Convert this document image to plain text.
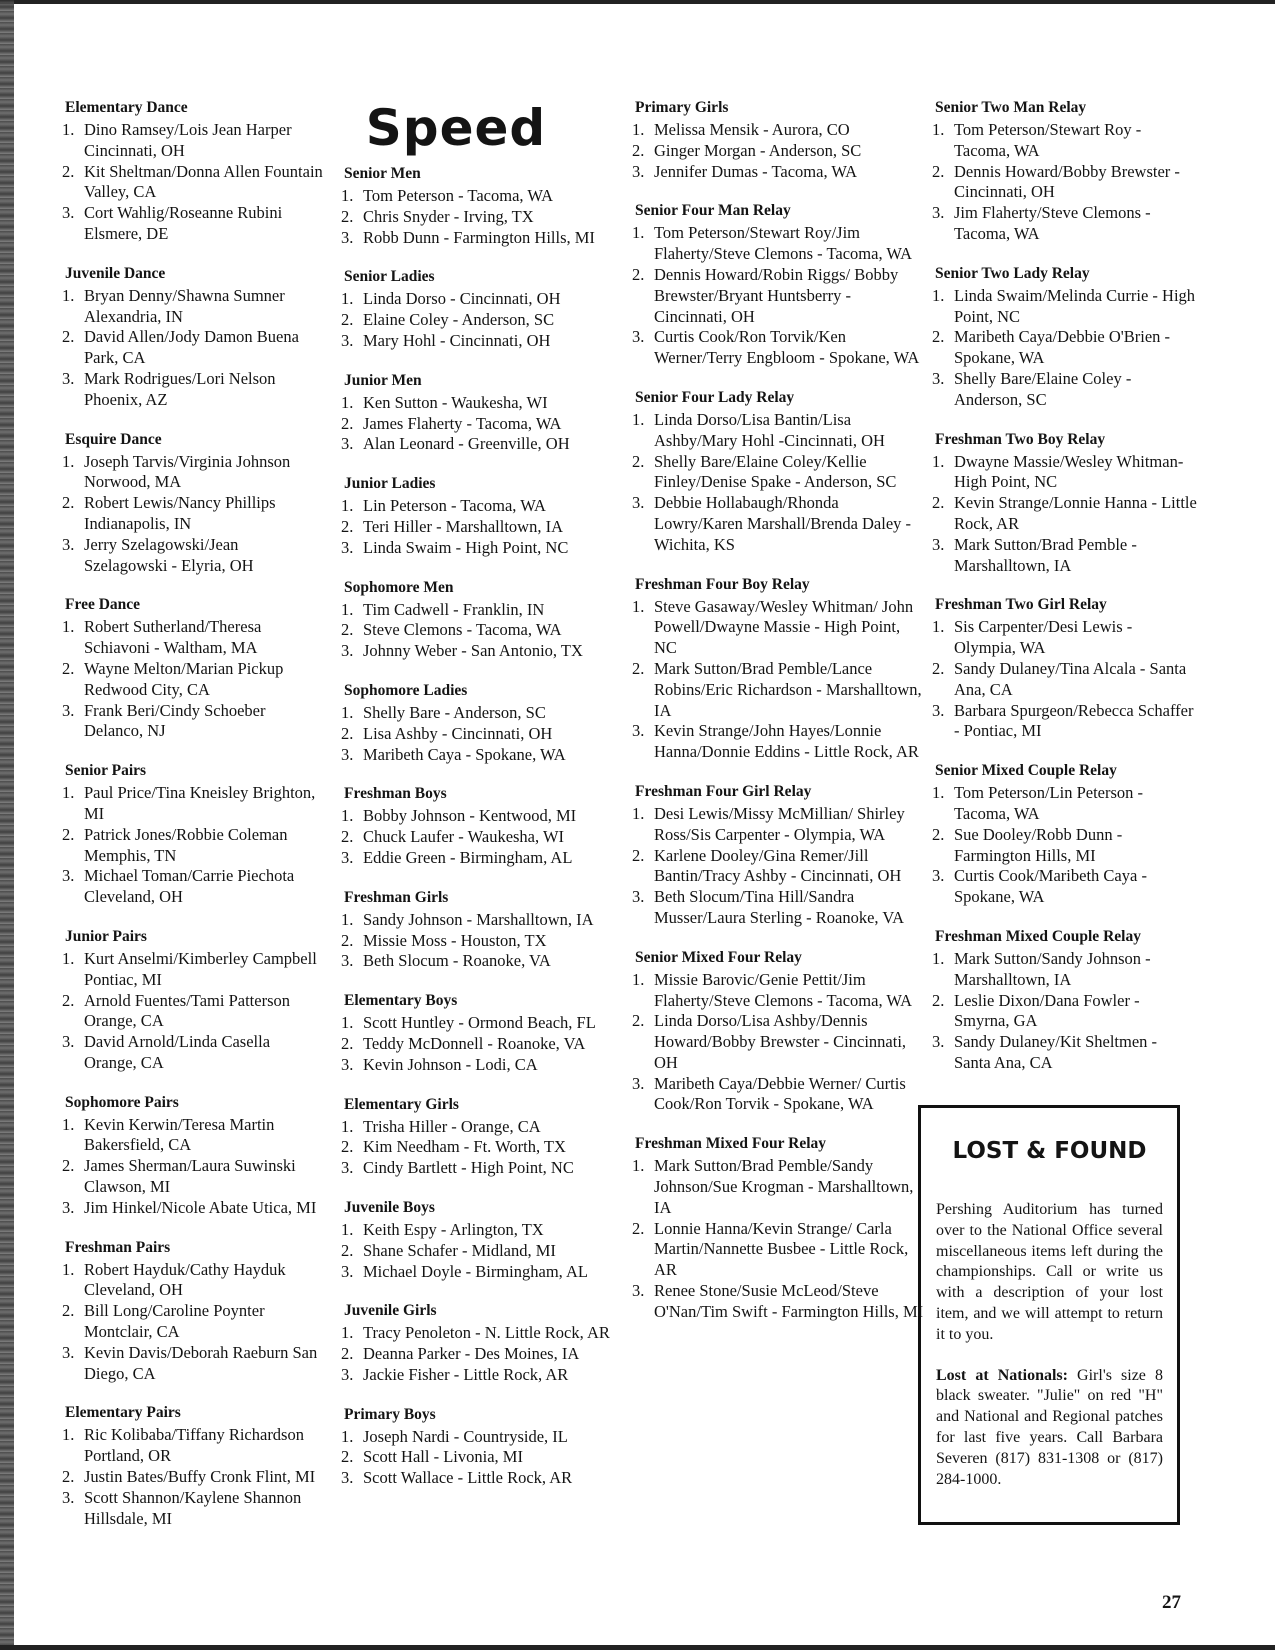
Elementary Dance
1. Dino Ramsey/Lois Jean Harper Cincinnati, OH
2. Kit Sheltman/Donna Allen Fountain Valley, CA
3. Cort Wahlig/Roseanne Rubini Elsmere, DE
Juvenile Dance
1. Bryan Denny/Shawna Sumner Alexandria, IN
2. David Allen/Jody Damon Buena Park, CA
3. Mark Rodrigues/Lori Nelson Phoenix, AZ
Esquire Dance
1. Joseph Tarvis/Virginia Johnson Norwood, MA
2. Robert Lewis/Nancy Phillips Indianapolis, IN
3. Jerry Szelagowski/Jean Szelagowski - Elyria, OH
Free Dance
1. Robert Sutherland/Theresa Schiavoni - Waltham, MA
2. Wayne Melton/Marian Pickup Redwood City, CA
3. Frank Beri/Cindy Schoeber Delanco, NJ
Senior Pairs
1. Paul Price/Tina Kneisley Brighton, MI
2. Patrick Jones/Robbie Coleman Memphis, TN
3. Michael Toman/Carrie Piechota Cleveland, OH
Junior Pairs
1. Kurt Anselmi/Kimberley Campbell Pontiac, MI
2. Arnold Fuentes/Tami Patterson Orange, CA
3. David Arnold/Linda Casella Orange, CA
Sophomore Pairs
1. Kevin Kerwin/Teresa Martin Bakersfield, CA
2. James Sherman/Laura Suwinski Clawson, MI
3. Jim Hinkel/Nicole Abate Utica, MI
Freshman Pairs
1. Robert Hayduk/Cathy Hayduk Cleveland, OH
2. Bill Long/Caroline Poynter Montclair, CA
3. Kevin Davis/Deborah Raeburn San Diego, CA
Elementary Pairs
1. Ric Kolibaba/Tiffany Richardson Portland, OR
2. Justin Bates/Buffy Cronk Flint, MI
3. Scott Shannon/Kaylene Shannon Hillsdale, MI
Speed
Senior Men
1. Tom Peterson - Tacoma, WA
2. Chris Snyder - Irving, TX
3. Robb Dunn - Farmington Hills, MI
Senior Ladies
1. Linda Dorso - Cincinnati, OH
2. Elaine Coley - Anderson, SC
3. Mary Hohl - Cincinnati, OH
Junior Men
1. Ken Sutton - Waukesha, WI
2. James Flaherty - Tacoma, WA
3. Alan Leonard - Greenville, OH
Junior Ladies
1. Lin Peterson - Tacoma, WA
2. Teri Hiller - Marshalltown, IA
3. Linda Swaim - High Point, NC
Sophomore Men
1. Tim Cadwell - Franklin, IN
2. Steve Clemons - Tacoma, WA
3. Johnny Weber - San Antonio, TX
Sophomore Ladies
1. Shelly Bare - Anderson, SC
2. Lisa Ashby - Cincinnati, OH
3. Maribeth Caya - Spokane, WA
Freshman Boys
1. Bobby Johnson - Kentwood, MI
2. Chuck Laufer - Waukesha, WI
3. Eddie Green - Birmingham, AL
Freshman Girls
1. Sandy Johnson - Marshalltown, IA
2. Missie Moss - Houston, TX
3. Beth Slocum - Roanoke, VA
Elementary Boys
1. Scott Huntley - Ormond Beach, FL
2. Teddy McDonnell - Roanoke, VA
3. Kevin Johnson - Lodi, CA
Elementary Girls
1. Trisha Hiller - Orange, CA
2. Kim Needham - Ft. Worth, TX
3. Cindy Bartlett - High Point, NC
Juvenile Boys
1. Keith Espy - Arlington, TX
2. Shane Schafer - Midland, MI
3. Michael Doyle - Birmingham, AL
Juvenile Girls
1. Tracy Penoleton - N. Little Rock, AR
2. Deanna Parker - Des Moines, IA
3. Jackie Fisher - Little Rock, AR
Primary Boys
1. Joseph Nardi - Countryside, IL
2. Scott Hall - Livonia, MI
3. Scott Wallace - Little Rock, AR
Primary Girls
1. Melissa Mensik - Aurora, CO
2. Ginger Morgan - Anderson, SC
3. Jennifer Dumas - Tacoma, WA
Senior Four Man Relay
1. Tom Peterson/Stewart Roy/Jim Flaherty/Steve Clemons - Tacoma, WA
2. Dennis Howard/Robin Riggs/ Bobby Brewster/Bryant Huntsberry - Cincinnati, OH
3. Curtis Cook/Ron Torvik/Ken Werner/Terry Engbloom - Spokane, WA
Senior Four Lady Relay
1. Linda Dorso/Lisa Bantin/Lisa Ashby/Mary Hohl -Cincinnati, OH
2. Shelly Bare/Elaine Coley/Kellie Finley/Denise Spake - Anderson, SC
3. Debbie Hollabaugh/Rhonda Lowry/Karen Marshall/Brenda Daley - Wichita, KS
Freshman Four Boy Relay
1. Steve Gasaway/Wesley Whitman/ John Powell/Dwayne Massie - High Point, NC
2. Mark Sutton/Brad Pemble/Lance Robins/Eric Richardson - Marshalltown, IA
3. Kevin Strange/John Hayes/Lonnie Hanna/Donnie Eddins - Little Rock, AR
Freshman Four Girl Relay
1. Desi Lewis/Missy McMillian/ Shirley Ross/Sis Carpenter - Olympia, WA
2. Karlene Dooley/Gina Remer/Jill Bantin/Tracy Ashby - Cincinnati, OH
3. Beth Slocum/Tina Hill/Sandra Musser/Laura Sterling - Roanoke, VA
Senior Mixed Four Relay
1. Missie Barovic/Genie Pettit/Jim Flaherty/Steve Clemons - Tacoma, WA
2. Linda Dorso/Lisa Ashby/Dennis Howard/Bobby Brewster - Cincinnati, OH
3. Maribeth Caya/Debbie Werner/ Curtis Cook/Ron Torvik - Spokane, WA
Freshman Mixed Four Relay
1. Mark Sutton/Brad Pemble/Sandy Johnson/Sue Krogman - Marshalltown, IA
2. Lonnie Hanna/Kevin Strange/ Carla Martin/Nannette Busbee - Little Rock, AR
3. Renee Stone/Susie McLeod/Steve O'Nan/Tim Swift - Farmington Hills, MI
Senior Two Man Relay
1. Tom Peterson/Stewart Roy - Tacoma, WA
2. Dennis Howard/Bobby Brewster - Cincinnati, OH
3. Jim Flaherty/Steve Clemons - Tacoma, WA
Senior Two Lady Relay
1. Linda Swaim/Melinda Currie - High Point, NC
2. Maribeth Caya/Debbie O'Brien - Spokane, WA
3. Shelly Bare/Elaine Coley - Anderson, SC
Freshman Two Boy Relay
1. Dwayne Massie/Wesley Whitman- High Point, NC
2. Kevin Strange/Lonnie Hanna - Little Rock, AR
3. Mark Sutton/Brad Pemble - Marshalltown, IA
Freshman Two Girl Relay
1. Sis Carpenter/Desi Lewis - Olympia, WA
2. Sandy Dulaney/Tina Alcala - Santa Ana, CA
3. Barbara Spurgeon/Rebecca Schaffer - Pontiac, MI
Senior Mixed Couple Relay
1. Tom Peterson/Lin Peterson - Tacoma, WA
2. Sue Dooley/Robb Dunn - Farmington Hills, MI
3. Curtis Cook/Maribeth Caya - Spokane, WA
Freshman Mixed Couple Relay
1. Mark Sutton/Sandy Johnson - Marshalltown, IA
2. Leslie Dixon/Dana Fowler - Smyrna, GA
3. Sandy Dulaney/Kit Sheltmen - Santa Ana, CA
LOST & FOUND

Pershing Auditorium has turned over to the National Office several miscellaneous items left during the championships. Call or write us with a description of your lost item, and we will attempt to return it to you.

Lost at Nationals: Girl's size 8 black sweater. "Julie" on red "H" and National and Regional patches for last five years. Call Barbara Severen (817) 831-1308 or (817) 284-1000.

27
